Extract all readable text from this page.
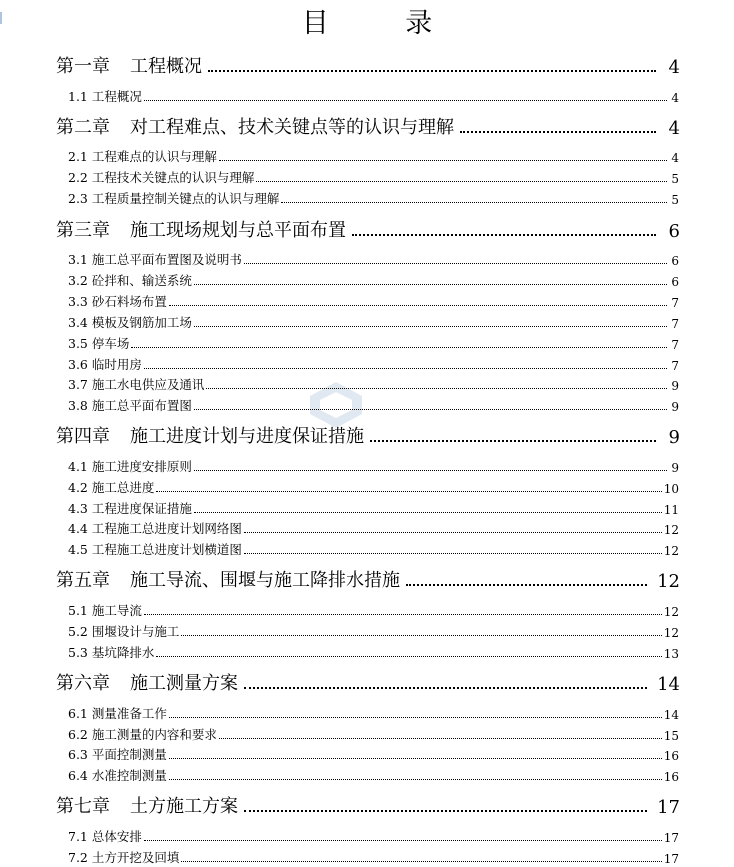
目 录
第一章 工程概况	4
1.1 工程概况	4
第二章 对工程难点、技术关键点等的认识与理解	4
2.1 工程难点的认识与理解	4
2.2 工程技术关键点的认识与理解	5
2.3 工程质量控制关键点的认识与理解	5
第三章 施工现场规划与总平面布置	6
3.1 施工总平面布置图及说明书	6
3.2 砼拌和、输送系统	6
3.3 砂石料场布置	7
3.4 模板及钢筋加工场	7
3.5 停车场	7
3.6 临时用房	7
3.7 施工水电供应及通讯	9
3.8 施工总平面布置图	9
第四章 施工进度计划与进度保证措施	9
4.1 施工进度安排原则	9
4.2 施工总进度	10
4.3 工程进度保证措施	11
4.4 工程施工总进度计划网络图	12
4.5 工程施工总进度计划横道图	12
第五章 施工导流、围堰与施工降排水措施	12
5.1 施工导流	12
5.2 围堰设计与施工	12
5.3 基坑降排水	13
第六章 施工测量方案	14
6.1 测量准备工作	14
6.2 施工测量的内容和要求	15
6.3 平面控制测量	16
6.4 水准控制测量	16
第七章 土方施工方案	17
7.1 总体安排	17
7.2 土方开挖及回填	17
